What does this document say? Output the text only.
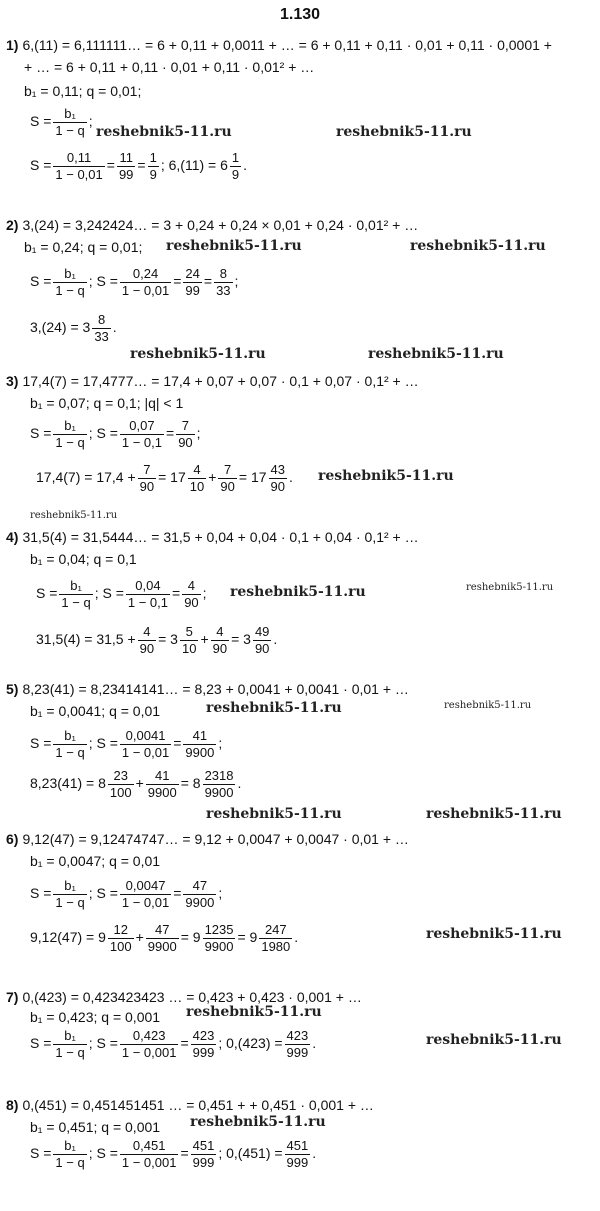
1.130
1) 6,(11) = 6,111111… = 6 + 0,11 + 0,0011 + … = 6 + 0,11 + 0,11 · 0,01 + 0,11 · 0,0001 +
+ … = 6 + 0,11 + 0,11 · 0,01 + 0,11 · 0,01² + …
b₁ = 0,11; q = 0,01;
$S = \frac{\text{b₁}}{1 - q}$ ;
$S = \frac{0,11}{1 - 0,01} = \frac{11}{99} = \frac{1}{9}$ ; $6,(11) = 6 \frac{1}{9}$ .
2) 3,(24) = 3,242424… = 3 + 0,24 + 0,24 × 0,01 + 0,24 · 0,01² + …
b₁ = 0,24; q = 0,01;
$S = \frac{\text{b₁}}{1 - q}$ ; $S = \frac{0,24}{1 - 0,01} = \frac{24}{99} = \frac{8}{33}$ ;
$3,(24) = 3 \frac{8}{33}$ .
3) 17,4(7) = 17,4777… = 17,4 + 0,07 + 0,07 · 0,1 + 0,07 · 0,1² + …
b₁ = 0,07; q = 0,1; |q| < 1
$S = \frac{\text{b₁}}{1 - q}$ ; $S = \frac{0,07}{1 - 0,1} = \frac{7}{90}$ ;
$17,4(7) = 17,4 + \frac{7}{90} = 17 \frac{4}{10} + \frac{7}{90} = 17 \frac{43}{90}$ .
4) 31,5(4) = 31,5444… = 31,5 + 0,04 + 0,04 · 0,1 + 0,04 · 0,1² + …
b₁ = 0,04; q = 0,1
$S = \frac{\text{b₁}}{1 - q}$ ; $S = \frac{0,04}{1 - 0,1} = \frac{4}{90}$ ;
$31,5(4) = 31,5 + \frac{4}{90} = 3 \frac{5}{10} + \frac{4}{90} = 3 \frac{49}{90}$ .
5) 8,23(41) = 8,23414141… = 8,23 + 0,0041 + 0,0041 · 0,01 + …
b₁ = 0,0041; q = 0,01
$S = \frac{\text{b₁}}{1 - q}$ ; $S = \frac{0,0041}{1 - 0,01} = \frac{41}{9900}$ ;
$8,23(41) = 8 \frac{23}{100} + \frac{41}{9900} = 8 \frac{2318}{9900}$ .
6) 9,12(47) = 9,12474747… = 9,12 + 0,0047 + 0,0047 · 0,01 + …
b₁ = 0,0047; q = 0,01
$S = \frac{\text{b₁}}{1 - q}$ ; $S = \frac{0,0047}{1 - 0,01} = \frac{47}{9900}$ ;
$9,12(47) = 9 \frac{12}{100} + \frac{47}{9900} = 9 \frac{1235}{9900} = 9 \frac{247}{1980}$ .
7) 0,(423) = 0,423423423 … = 0,423 + 0,423 · 0,001 + …
b₁ = 0,423; q = 0,001
$S = \frac{\text{b₁}}{1 - q}$ ; $S = \frac{0,423}{1 - 0,001} = \frac{423}{999}$ ; $0,(423) = \frac{423}{999}$ .
8) 0,(451) = 0,451451451 … = 0,451 + + 0,451 · 0,001 + …
b₁ = 0,451; q = 0,001
$S = \frac{\text{b₁}}{1 - q}$ ; $S = \frac{0,451}{1 - 0,001} = \frac{451}{999}$ ; $0,(451) = \frac{451}{999}$ .
reshebnik5-11.ru	reshebnik5-11.ru
reshebnik5-11.ru	reshebnik5-11.ru
reshebnik5-11.ru	reshebnik5-11.ru
reshebnik5-11.ru
reshebnik5-11.ru
reshebnik5-11.ru	reshebnik5-11.ru
reshebnik5-11.ru	reshebnik5-11.ru
reshebnik5-11.ru	reshebnik5-11.ru
reshebnik5-11.ru
reshebnik5-11.ru
reshebnik5-11.ru
reshebnik5-11.ru
